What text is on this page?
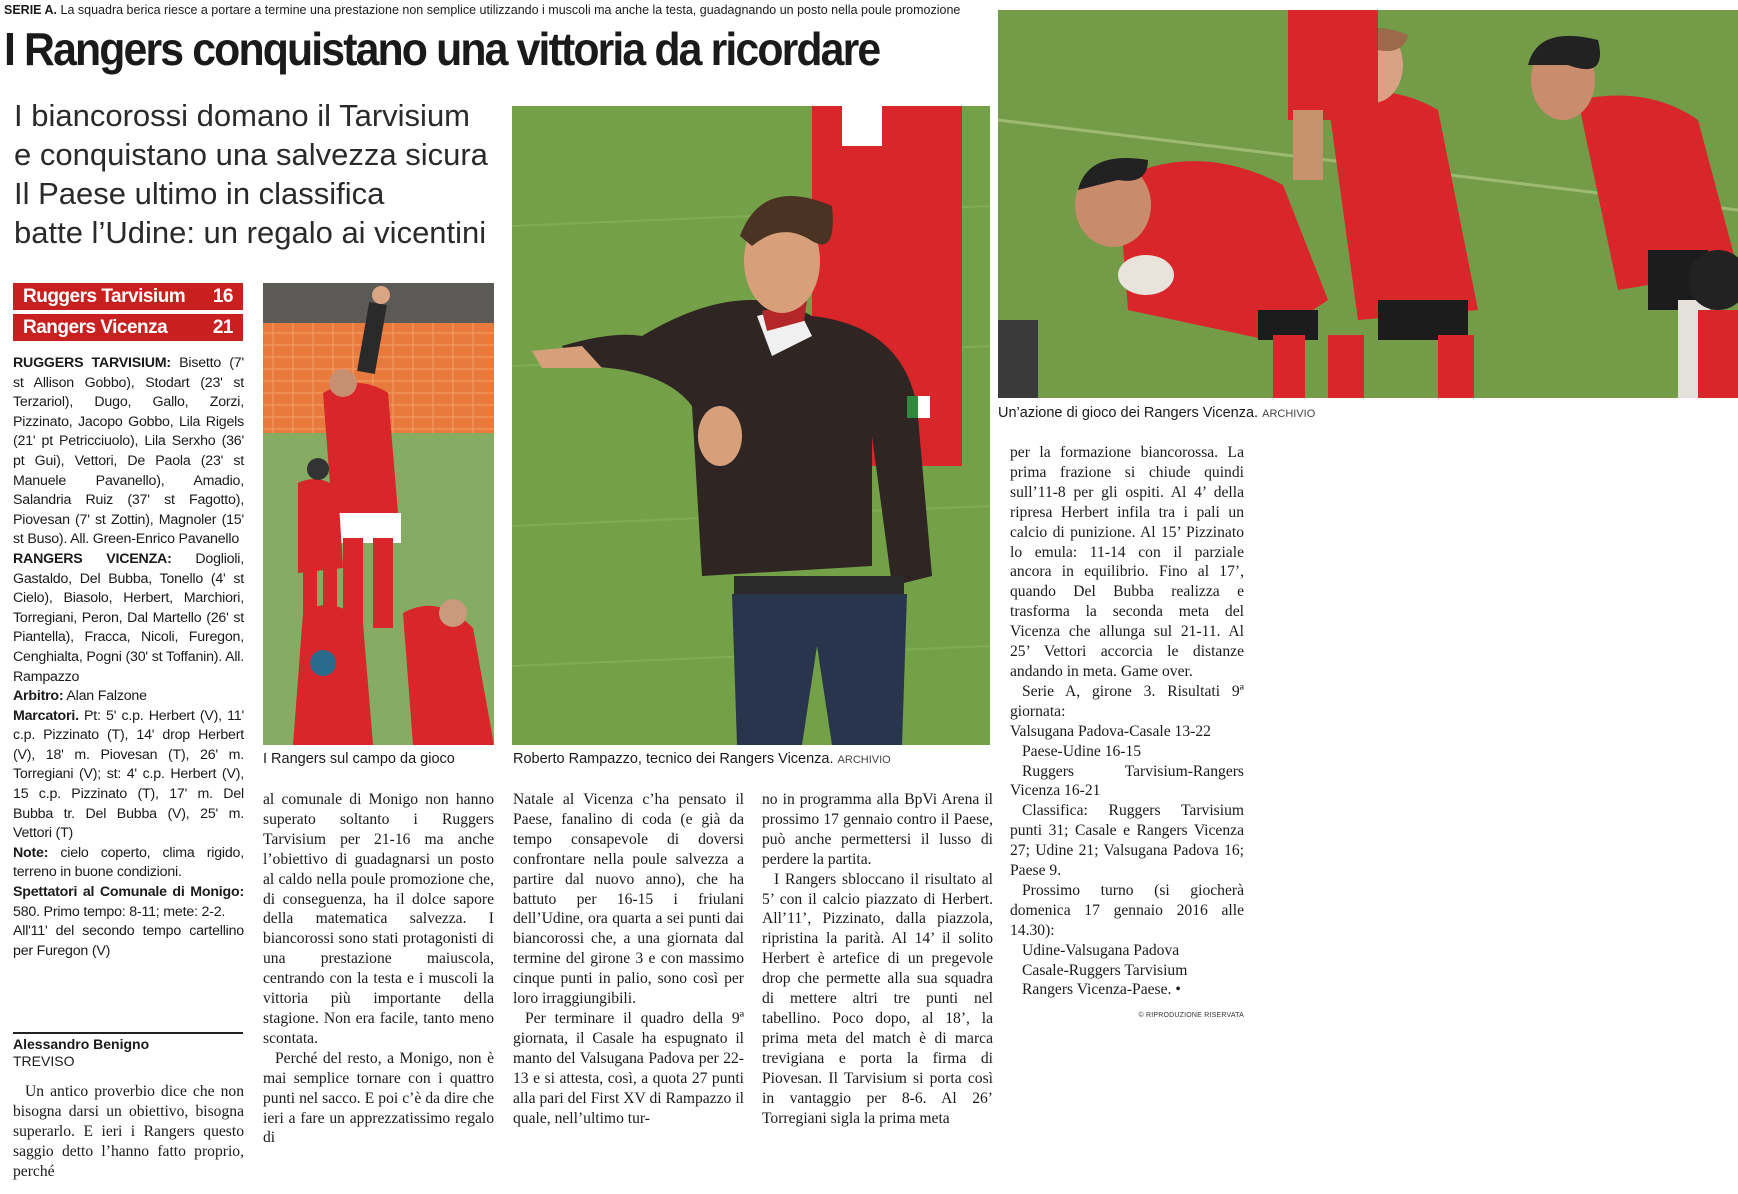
SERIE A. La squadra berica riesce a portare a termine una prestazione non semplice utilizzando i muscoli ma anche la testa, guadagnando un posto nella poule promozione
I Rangers conquistano una vittoria da ricordare
I biancorossi domano il Tarvisium
e conquistano una salvezza sicura
Il Paese ultimo in classifica
batte l’Udine: un regalo ai vicentini
Ruggers Tarvisium 16
Rangers Vicenza 21

RUGGERS TARVISIUM: Bisetto (7' st Allison Gobbo), Stodart (23' st Terzariol), Dugo, Gallo, Zorzi, Pizzinato, Jacopo Gobbo, Lila Rigels (21' pt Petricciuolo), Lila Serxho (36' pt Gui), Vettori, De Paola (23' st Manuele Pavanello), Amadio, Salandria Ruiz (37' st Fagotto), Piovesan (7' st Zottin), Magnoler (15' st Buso). All. Green-Enrico Pavanello

RANGERS VICENZA: Doglioli, Gastaldo, Del Bubba, Tonello (4' st Cielo), Biasolo, Herbert, Marchiori, Torregiani, Peron, Dal Martello (26' st Piantella), Fracca, Nicoli, Furegon, Cenghialta, Pogni (30' st Toffanin). All. Rampazzo

Arbitro: Alan Falzone

Marcatori. Pt: 5' c.p. Herbert (V), 11' c.p. Pizzinato (T), 14' drop Herbert (V), 18' m. Piovesan (T), 26' m. Torregiani (V); st: 4' c.p. Herbert (V), 15 c.p. Pizzinato (T), 17' m. Del Bubba tr. Del Bubba (V), 25' m. Vettori (T)

Note: cielo coperto, clima rigido, terreno in buone condizioni.

Spettatori al Comunale di Monigo: 580. Primo tempo: 8-11; mete: 2-2.

All'11' del secondo tempo cartellino per Furegon (V)

Alessandro Benigno
TREVISO
Un antico proverbio dice che non bisogna darsi un obiettivo, bisogna superarlo. E ieri i Rangers questo saggio detto l’hanno fatto proprio, perché
I Rangers sul campo da gioco	Roberto Rampazzo, tecnico dei Rangers Vicenza. ARCHIVIO
al comunale di Monigo non hanno superato soltanto i Ruggers Tarvisium per 21-16 ma anche l’obiettivo di guadagnarsi un posto al caldo nella poule promozione che, di conseguenza, ha il dolce sapore della matematica salvezza. I biancorossi sono stati protagonisti di una prestazione maiuscola, centrando con la testa e i muscoli la vittoria più importante della stagione. Non era facile, tanto meno scontata.
Perché del resto, a Monigo, non è mai semplice tornare con i quattro punti nel sacco. E poi c’è da dire che ieri a fare un apprezzatissimo regalo di
Natale al Vicenza c’ha pensato il Paese, fanalino di coda (e già da tempo consapevole di doversi confrontare nella poule salvezza a partire dal nuovo anno), che ha battuto per 16-15 i friulani dell’Udine, ora quarta a sei punti dai biancorossi che, a una giornata dal termine del girone 3 e con massimo cinque punti in palio, sono così per loro irraggiungibili.
Per terminare il quadro della 9ª giornata, il Casale ha espugnato il manto del Valsugana Padova per 22-13 e si attesta, così, a quota 27 punti alla pari del First XV di Rampazzo il quale, nell’ultimo tur-
no in programma alla BpVi Arena il prossimo 17 gennaio contro il Paese, può anche permettersi il lusso di perdere la partita.
I Rangers sbloccano il risultato al 5’ con il calcio piazzato di Herbert. All’11’, Pizzinato, dalla piazzola, ripristina la parità. Al 14’ il solito Herbert è artefice di un pregevole drop che permette alla sua squadra di mettere altri tre punti nel tabellino. Poco dopo, al 18’, la prima meta del match è di marca trevigiana e porta la firma di Piovesan. Il Tarvisium si porta così in vantaggio per 8-6. Al 26’ Torregiani sigla la prima meta
Un’azione di gioco dei Rangers Vicenza. ARCHIVIO
per la formazione biancorossa. La prima frazione si chiude quindi sull’11-8 per gli ospiti. Al 4’ della ripresa Herbert infila tra i pali un calcio di punizione. Al 15’ Pizzinato lo emula: 11-14 con il parziale ancora in equilibrio. Fino al 17’, quando Del Bubba realizza e trasforma la seconda meta del Vicenza che allunga sul 21-11. Al 25’ Vettori accorcia le distanze andando in meta. Game over.
Serie A, girone 3. Risultati 9ª giornata:
Valsugana Padova-Casale 13-22
Paese-Udine 16-15
Ruggers Tarvisium-Rangers Vicenza 16-21
Classifica: Ruggers Tarvisium punti 31; Casale e Rangers Vicenza 27; Udine 21; Valsugana Padova 16; Paese 9.
Prossimo turno (si giocherà domenica 17 gennaio 2016 alle 14.30):
Udine-Valsugana Padova
Casale-Ruggers Tarvisium
Rangers Vicenza-Paese. •
© RIPRODUZIONE RISERVATA
